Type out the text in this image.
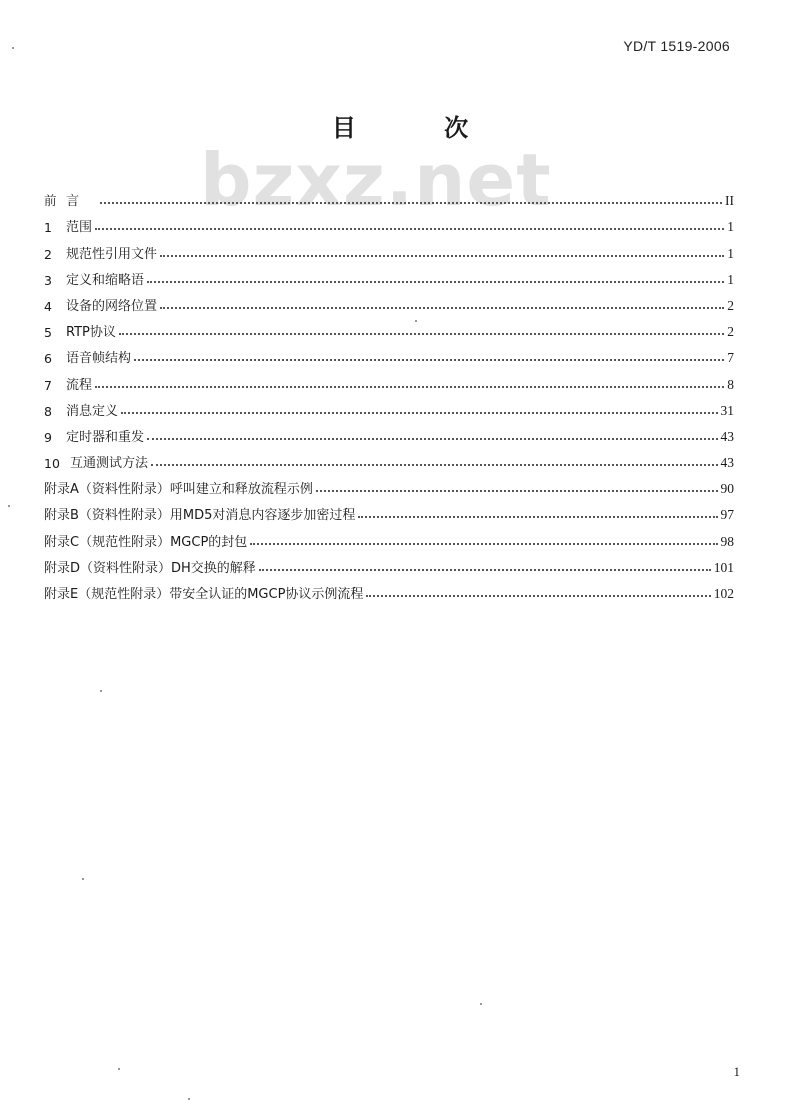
YD/T 1519-2006
bzxz.net
目 次
前 言	II
1	范围	1
2	规范性引用文件	1
3	定义和缩略语	1
4	设备的网络位置	2
5	RTP协议	2
6	语音帧结构	7
7	流程	8
8	消息定义	31
9	定时器和重发	43
10 互通测试方法	43
附录A（资料性附录）呼叫建立和释放流程示例	90
附录B（资料性附录）用MD5对消息内容逐步加密过程	97
附录C（规范性附录）MGCP的封包	98
附录D（资料性附录）DH交换的解释	101
附录E（规范性附录）带安全认证的MGCP协议示例流程	102
1
